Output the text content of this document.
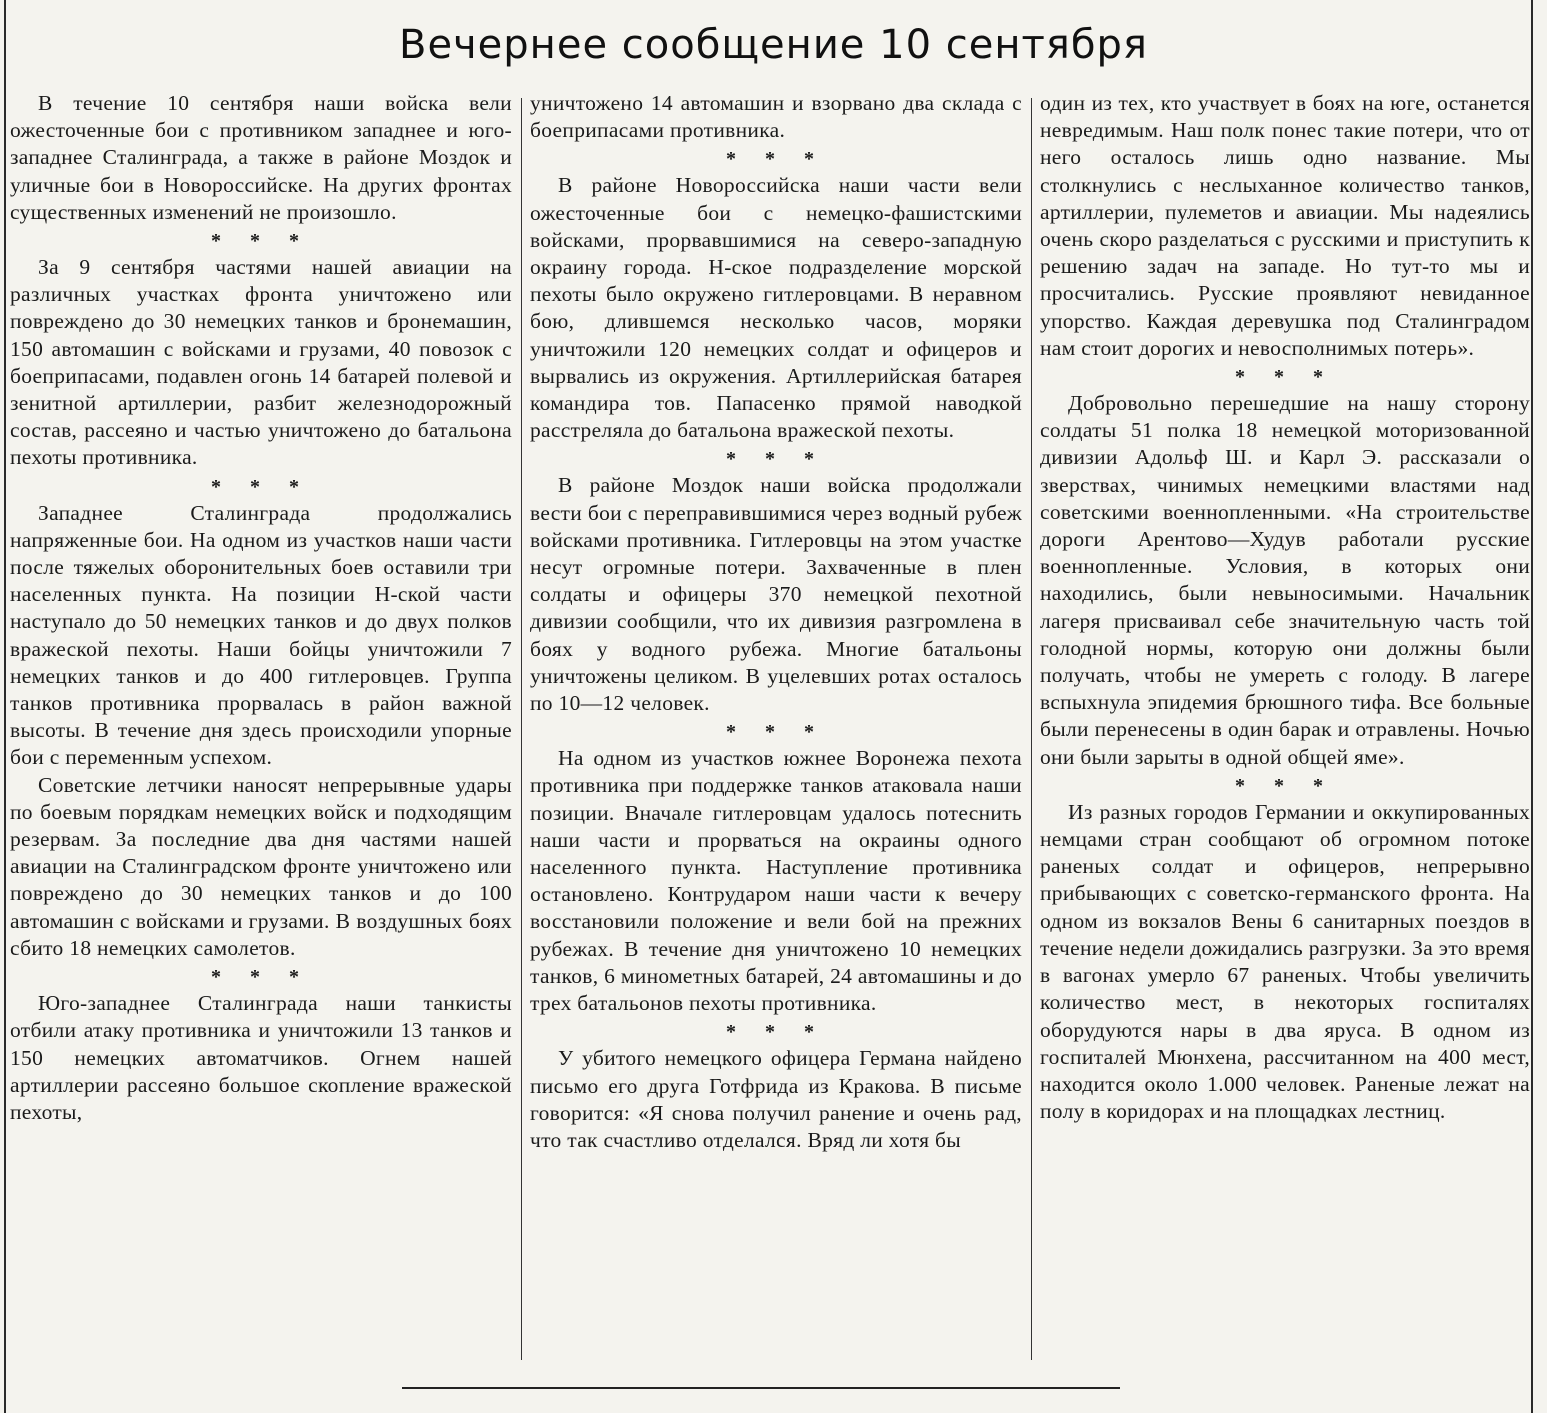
Вечернее сообщение 10 сентября

В течение 10 сентября наши войска вели ожесточенные бои с противником западнее и юго-западнее Сталинграда, а также в районе Моздок и уличные бои в Новороссийске. На других фронтах существенных изменений не произошло.

* * *

За 9 сентября частями нашей авиации на различных участках фронта уничтожено или повреждено до 30 немецких танков и бронемашин, 150 автомашин с войсками и грузами, 40 повозок с боеприпасами, подавлен огонь 14 батарей полевой и зенитной артиллерии, разбит железнодорожный состав, рассеяно и частью уничтожено до батальона пехоты противника.

* * *

Западнее Сталинграда продолжались напряженные бои. На одном из участков наши части после тяжелых оборонительных боев оставили три населенных пункта. На позиции Н-ской части наступало до 50 немецких танков и до двух полков вражеской пехоты. Наши бойцы уничтожили 7 немецких танков и до 400 гитлеровцев. Группа танков противника прорвалась в район важной высоты. В течение дня здесь происходили упорные бои с переменным успехом.

Советские летчики наносят непрерывные удары по боевым порядкам немецких войск и подходящим резервам. За последние два дня частями нашей авиации на Сталинградском фронте уничтожено или повреждено до 30 немецких танков и до 100 автомашин с войсками и грузами. В воздушных боях сбито 18 немецких самолетов.

* * *

Юго-западнее Сталинграда наши танкисты отбили атаку противника и уничтожили 13 танков и 150 немецких автоматчиков. Огнем нашей артиллерии рассеяно большое скопление вражеской пехоты,

уничтожено 14 автомашин и взорвано два склада с боеприпасами противника.

* * *

В районе Новороссийска наши части вели ожесточенные бои с немецко-фашистскими войсками, прорвавшимися на северо-западную окраину города. Н-ское подразделение морской пехоты было окружено гитлеровцами. В неравном бою, длившемся несколько часов, моряки уничтожили 120 немецких солдат и офицеров и вырвались из окружения. Артиллерийская батарея командира тов. Папасенко прямой наводкой расстреляла до батальона вражеской пехоты.

* * *

В районе Моздок наши войска продолжали вести бои с переправившимися через водный рубеж войсками противника. Гитлеровцы на этом участке несут огромные потери. Захваченные в плен солдаты и офицеры 370 немецкой пехотной дивизии сообщили, что их дивизия разгромлена в боях у водного рубежа. Многие батальоны уничтожены целиком. В уцелевших ротах осталось по 10—12 человек.

* * *

На одном из участков южнее Воронежа пехота противника при поддержке танков атаковала наши позиции. Вначале гитлеровцам удалось потеснить наши части и прорваться на окраины одного населенного пункта. Наступление противника остановлено. Контрударом наши части к вечеру восстановили положение и вели бой на прежних рубежах. В течение дня уничтожено 10 немецких танков, 6 минометных батарей, 24 автомашины и до трех батальонов пехоты противника.

* * *

У убитого немецкого офицера Германа найдено письмо его друга Готфрида из Кракова. В письме говорится: «Я снова получил ранение и очень рад, что так счастливо отделался. Вряд ли хотя бы

один из тех, кто участвует в боях на юге, останется невредимым. Наш полк понес такие потери, что от него осталось лишь одно название. Мы столкнулись с неслыханное количество танков, артиллерии, пулеметов и авиации. Мы надеялись очень скоро разделаться с русскими и приступить к решению задач на западе. Но тут-то мы и просчитались. Русские проявляют невиданное упорство. Каждая деревушка под Сталинградом нам стоит дорогих и невосполнимых потерь».

* * *

Добровольно перешедшие на нашу сторону солдаты 51 полка 18 немецкой моторизованной дивизии Адольф Ш. и Карл Э. рассказали о зверствах, чинимых немецкими властями над советскими военнопленными. «На строительстве дороги Арентово—Худув работали русские военнопленные. Условия, в которых они находились, были невыносимыми. Начальник лагеря присваивал себе значительную часть той голодной нормы, которую они должны были получать, чтобы не умереть с голоду. В лагере вспыхнула эпидемия брюшного тифа. Все больные были перенесены в один барак и отравлены. Ночью они были зарыты в одной общей яме».

* * *

Из разных городов Германии и оккупированных немцами стран сообщают об огромном потоке раненых солдат и офицеров, непрерывно прибывающих с советско-германского фронта. На одном из вокзалов Вены 6 санитарных поездов в течение недели дожидались разгрузки. За это время в вагонах умерло 67 раненых. Чтобы увеличить количество мест, в некоторых госпиталях оборудуются нары в два яруса. В одном из госпиталей Мюнхена, рассчитанном на 400 мест, находится около 1.000 человек. Раненые лежат на полу в коридорах и на площадках лестниц.
